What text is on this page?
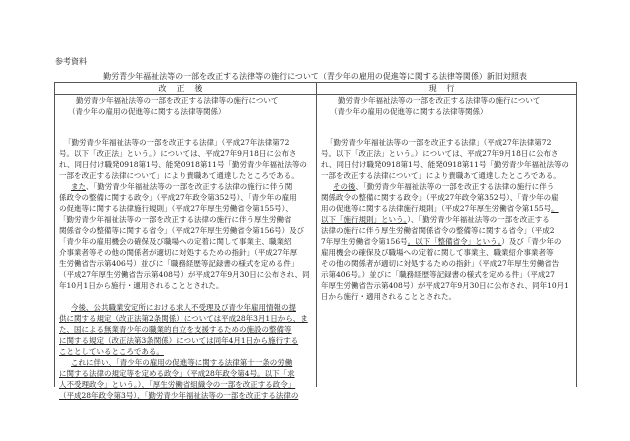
参考資料
勤労青少年福祉法等の一部を改正する法律等の施行について（青少年の雇用の促進等に関する法律等関係）新旧対照表
改正後	現行
勤労青少年福祉法等の一部を改正する法律等の施行について
（青少年の雇用の促進等に関する法律等関係）
「勤労青少年福祉法等の一部を改正する法律」（平成27年法律第72
号。以下「改正法」という。）については、平成27年9月18日に公布さ
れ、同日付け職発0918第1号、能発0918第11号「勤労青少年福祉法等の
一部を改正する法律について」により貴職あて通達したところである。
また、「勤労青少年福祉法等の一部を改正する法律の施行に伴う関
係政令の整備に関する政令」（平成27年政令第352号）、「青少年の雇用
の促進等に関する法律施行規則」（平成27年厚生労働省令第155号）、
「勤労青少年福祉法等の一部を改正する法律の施行に伴う厚生労働省
関係省令の整備等に関する省令」（平成27年厚生労働省令第156号）及び
「青少年の雇用機会の確保及び職場への定着に関して事業主、職業紹
介事業者等その他の関係者が適切に対処するための指針」（平成27年厚
生労働省告示第406号）並びに「職務経歴等記録書の様式を定める件」
（平成27年厚生労働省告示第408号）が平成27年9月30日に公布され、同
年10月1日から施行・適用されることとされた。
今後、公共職業安定所における求人不受理及び青少年雇用情報の提
供に関する規定（改正法第2条関係）については平成28年3月1日から、ま
た、国による無業青少年の職業的自立を支援するための施設の整備等
に関する規定（改正法第3条関係）については同年4月1日から施行する
こととしているところである。
これに伴い、「青少年の雇用の促進等に関する法律第十一条の労働
に関する法律の規定等を定める政令」（平成28年政令第4号。以下「求
人不受理政令」という。）、「厚生労働省組織令の一部を改正する政令」
（平成28年政令第3号）、「勤労青少年福祉法等の一部を改正する法律の
勤労青少年福祉法等の一部を改正する法律等の施行について
（青少年の雇用の促進等に関する法律等関係）
「勤労青少年福祉法等の一部を改正する法律」（平成27年法律第72
号。以下「改正法」という。）については、平成27年9月18日に公布さ
れ、同日付け職発0918第1号、能発0918第11号「勤労青少年福祉法等の
一部を改正する法律について」により貴職あて通達したところである。
その後、「勤労青少年福祉法等の一部を改正する法律の施行に伴う
関係政令の整備に関する政令」（平成27年政令第352号）、「青少年の雇
用の促進等に関する法律施行規則」（平成27年厚生労働省令第155号。
以下「施行規則」という。）、「勤労青少年福祉法等の一部を改正する
法律の施行に伴う厚生労働省関係省令の整備等に関する省令」（平成2
7年厚生労働省令第156号。以下「整備省令」という。）及び「青少年の
雇用機会の確保及び職場への定着に関して事業主、職業紹介事業者等
その他の関係者が適切に対処するための指針」（平成27年厚生労働省告
示第406号。）並びに「職務経歴等記録書の様式を定める件」（平成27
年厚生労働省告示第408号）が平成27年9月30日に公布され、同年10月1
日から施行・適用されることとされた。
